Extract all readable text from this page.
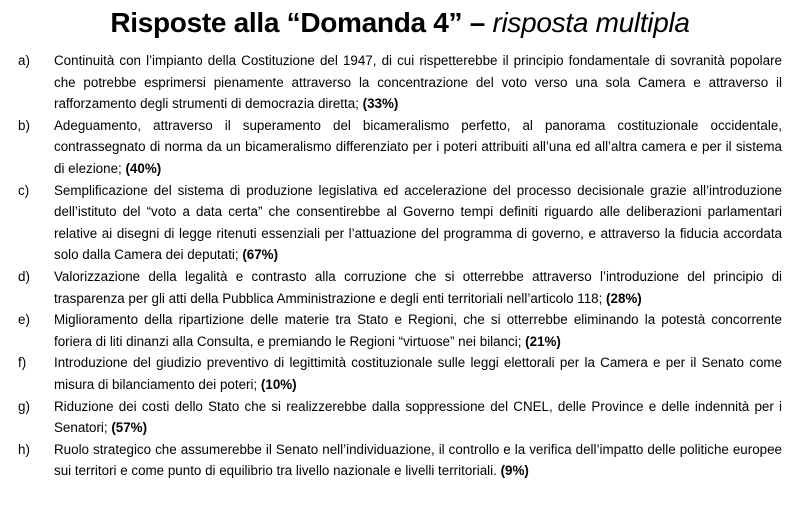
Risposte alla “Domanda 4” – risposta multipla
a)	Continuità con l’impianto della Costituzione del 1947, di cui rispetterebbe il principio fondamentale di sovranità popolare che potrebbe esprimersi pienamente attraverso la concentrazione del voto verso una sola Camera e attraverso il rafforzamento degli strumenti di democrazia diretta; (33%)
b)	Adeguamento, attraverso il superamento del bicameralismo perfetto, al panorama costituzionale occidentale, contrassegnato di norma da un bicameralismo differenziato per i poteri attribuiti all’una ed all’altra camera e per il sistema di elezione; (40%)
c)	Semplificazione del sistema di produzione legislativa ed accelerazione del processo decisionale grazie all’introduzione dell’istituto del “voto a data certa” che consentirebbe al Governo tempi definiti riguardo alle deliberazioni parlamentari relative ai disegni di legge ritenuti essenziali per l’attuazione del programma di governo, e attraverso la fiducia accordata solo dalla Camera dei deputati; (67%)
d)	Valorizzazione della legalità e contrasto alla corruzione che si otterrebbe attraverso l’introduzione del principio di trasparenza per gli atti della Pubblica Amministrazione e degli enti territoriali nell’articolo 118; (28%)
e)	Miglioramento della ripartizione delle materie tra Stato e Regioni, che si otterrebbe eliminando la potestà concorrente foriera di liti dinanzi alla Consulta, e premiando le Regioni “virtuose” nei bilanci; (21%)
f)	Introduzione del giudizio preventivo di legittimità costituzionale sulle leggi elettorali per la Camera e per il Senato come misura di bilanciamento dei poteri; (10%)
g)	Riduzione dei costi dello Stato che si realizzerebbe dalla soppressione del CNEL, delle Province e delle indennità per i Senatori; (57%)
h)	Ruolo strategico che assumerebbe il Senato nell’individuazione, il controllo e la verifica dell’impatto delle politiche europee sui territori e come punto di equilibrio tra livello nazionale e livelli territoriali. (9%)
